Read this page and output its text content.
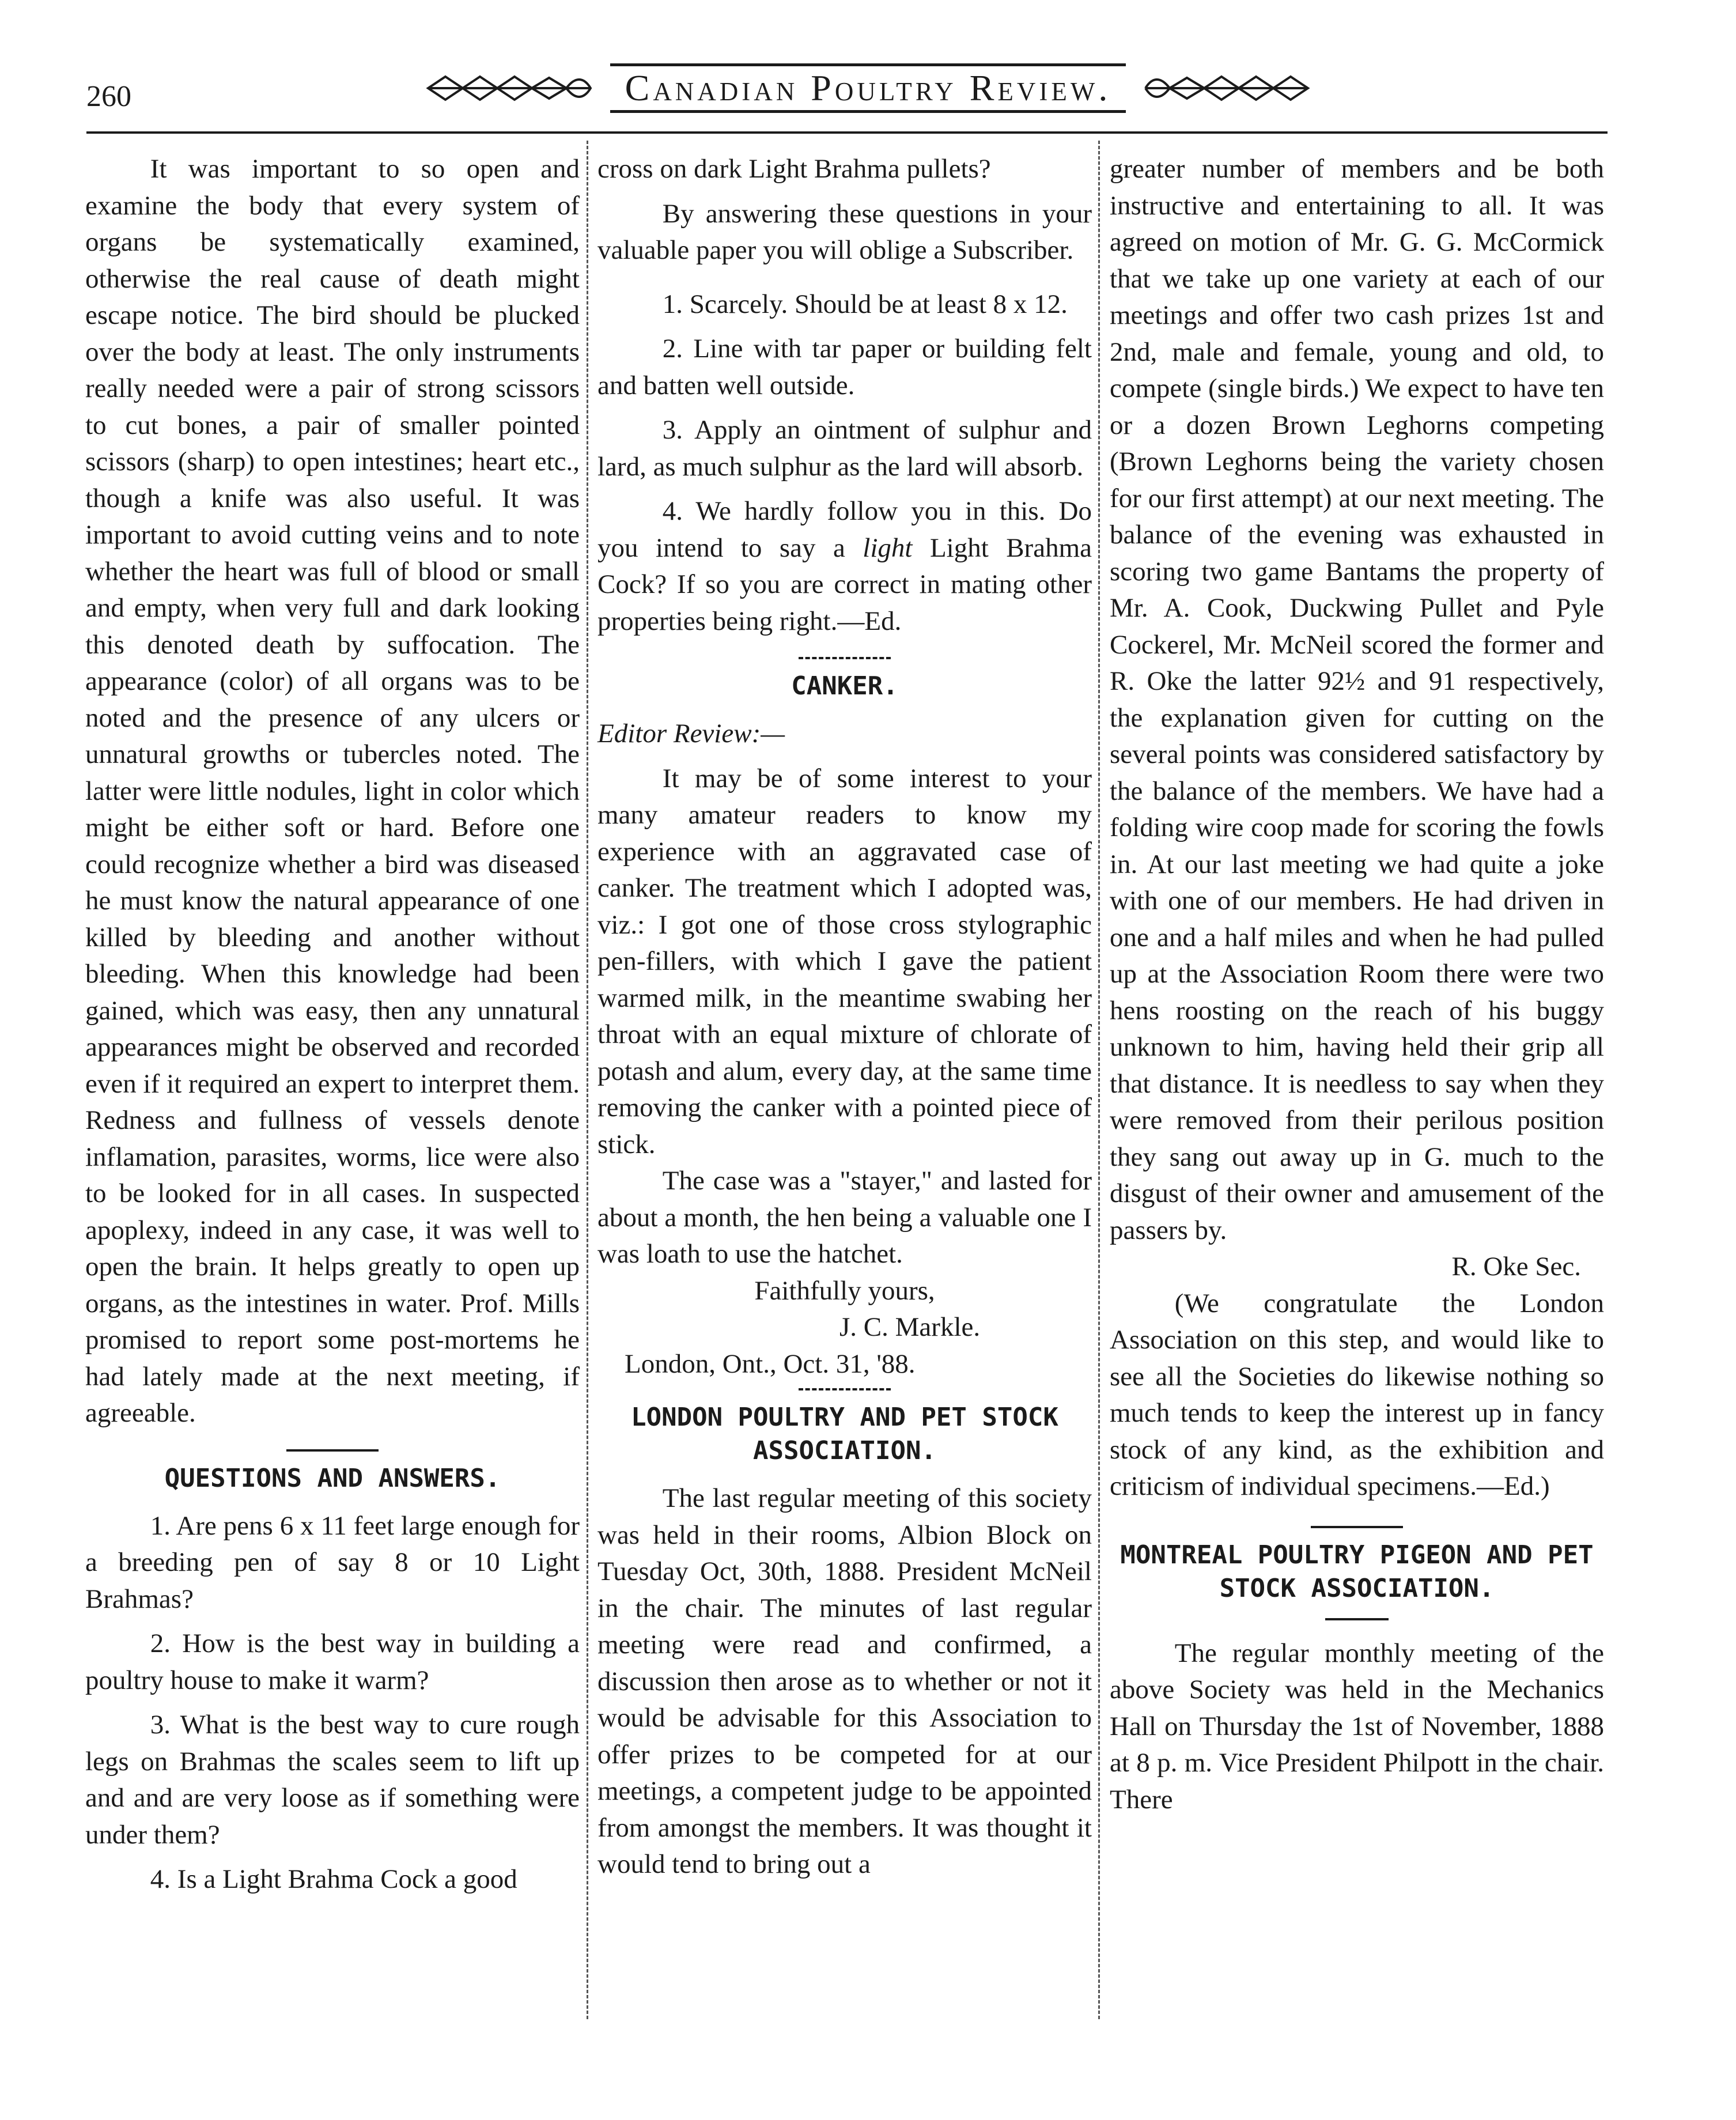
260	Canadian Poultry Review.

It was important to so open and examine the body that every system of organs be systematically examined, otherwise the real cause of death might escape notice. The bird should be plucked over the body at least. The only instruments really needed were a pair of strong scissors to cut bones, a pair of smaller pointed scissors (sharp) to open intestines; heart etc., though a knife was also useful. It was important to avoid cutting veins and to note whether the heart was full of blood or small and empty, when very full and dark looking this denoted death by suffocation. The appearance (color) of all organs was to be noted and the presence of any ulcers or unnatural growths or tubercles noted. The latter were little nodules, light in color which might be either soft or hard. Before one could recognize whether a bird was diseased he must know the natural appearance of one killed by bleeding and another without bleeding. When this knowledge had been gained, which was easy, then any unnatural appearances might be observed and recorded even if it required an expert to interpret them. Redness and fullness of vessels denote inflamation, parasites, worms, lice were also to be looked for in all cases. In suspected apoplexy, indeed in any case, it was well to open the brain. It helps greatly to open up organs, as the intestines in water. Prof. Mills promised to report some post-mortems he had lately made at the next meeting, if agreeable.

QUESTIONS AND ANSWERS.

1. Are pens 6 x 11 feet large enough for a breeding pen of say 8 or 10 Light Brahmas?

2. How is the best way in building a poultry house to make it warm?

3. What is the best way to cure rough legs on Brahmas the scales seem to lift up and and are very loose as if something were under them?

4. Is a Light Brahma Cock a good

cross on dark Light Brahma pullets?

By answering these questions in your valuable paper you will oblige a Subscriber.

1. Scarcely. Should be at least 8 x 12.

2. Line with tar paper or building felt and batten well outside.

3. Apply an ointment of sulphur and lard, as much sulphur as the lard will absorb.

4. We hardly follow you in this. Do you intend to say a light Light Brahma Cock? If so you are correct in mating other properties being right.—Ed.

CANKER.

Editor Review:—

It may be of some interest to your many amateur readers to know my experience with an aggravated case of canker. The treatment which I adopted was, viz.: I got one of those cross stylographic pen-fillers, with which I gave the patient warmed milk, in the meantime swabing her throat with an equal mixture of chlorate of potash and alum, every day, at the same time removing the canker with a pointed piece of stick.

The case was a "stayer," and lasted for about a month, the hen being a valuable one I was loath to use the hatchet.

Faithfully yours,

J. C. Markle.

London, Ont., Oct. 31, '88.

LONDON POULTRY AND PET STOCK ASSOCIATION.

The last regular meeting of this society was held in their rooms, Albion Block on Tuesday Oct, 30th, 1888. President McNeil in the chair. The minutes of last regular meeting were read and confirmed, a discussion then arose as to whether or not it would be advisable for this Association to offer prizes to be competed for at our meetings, a competent judge to be appointed from amongst the members. It was thought it would tend to bring out a

greater number of members and be both instructive and entertaining to all. It was agreed on motion of Mr. G. G. McCormick that we take up one variety at each of our meetings and offer two cash prizes 1st and 2nd, male and female, young and old, to compete (single birds.) We expect to have ten or a dozen Brown Leghorns competing (Brown Leghorns being the variety chosen for our first attempt) at our next meeting. The balance of the evening was exhausted in scoring two game Bantams the property of Mr. A. Cook, Duckwing Pullet and Pyle Cockerel, Mr. McNeil scored the former and R. Oke the latter 92½ and 91 respectively, the explanation given for cutting on the several points was considered satisfactory by the balance of the members. We have had a folding wire coop made for scoring the fowls in. At our last meeting we had quite a joke with one of our members. He had driven in one and a half miles and when he had pulled up at the Association Room there were two hens roosting on the reach of his buggy unknown to him, having held their grip all that distance. It is needless to say when they were removed from their perilous position they sang out away up in G. much to the disgust of their owner and amusement of the passers by.

R. Oke Sec.

(We congratulate the London Association on this step, and would like to see all the Societies do likewise nothing so much tends to keep the interest up in fancy stock of any kind, as the exhibition and criticism of individual specimens.—Ed.)

MONTREAL POULTRY PIGEON AND PET STOCK ASSOCIATION.

The regular monthly meeting of the above Society was held in the Mechanics Hall on Thursday the 1st of November, 1888 at 8 p. m. Vice President Philpott in the chair. There
